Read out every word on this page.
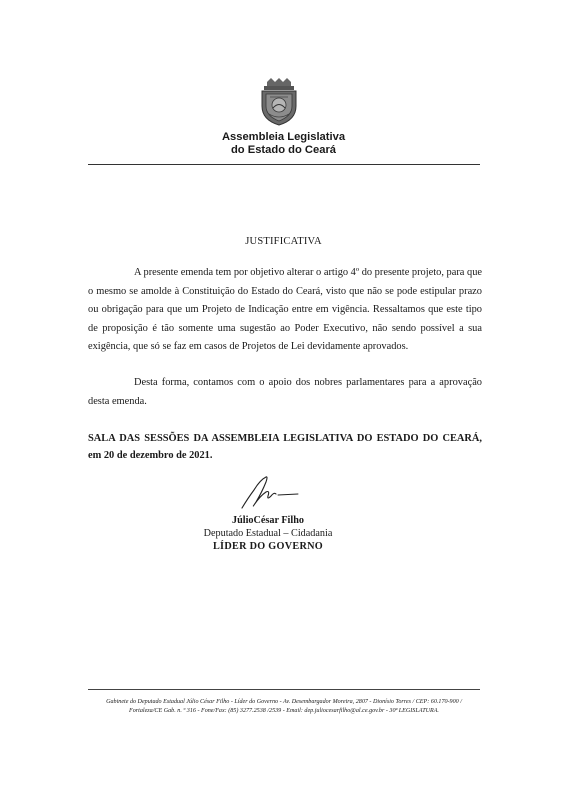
Assembleia Legislativa
do Estado do Ceará
JUSTIFICATIVA

A presente emenda tem por objetivo alterar o artigo 4º do presente projeto, para que o mesmo se amolde à Constituição do Estado do Ceará, visto que não se pode estipular prazo ou obrigação para que um Projeto de Indicação entre em vigência. Ressaltamos que este tipo de proposição é tão somente uma sugestão ao Poder Executivo, não sendo possível a sua exigência, que só se faz em casos de Projetos de Lei devidamente aprovados.

Desta forma, contamos com o apoio dos nobres parlamentares para a aprovação desta emenda.

SALA DAS SESSÕES DA ASSEMBLEIA LEGISLATIVA DO ESTADO DO CEARÁ, em 20 de dezembro de 2021.

JúlioCésar Filho
Deputado Estadual – Cidadania
LÍDER DO GOVERNO
Gabinete do Deputado Estadual Júlio César Filho - Líder do Governo - Av. Desembargador Moreira, 2807 - Dionísio Torres / CEP: 60.170-900 /
Fortaleza/CE Gab. n. º 316 - Fone/Fax: (85) 3277.2538 /2539 - Email: dep.juliocesarfilho@al.ce.gov.br - 30ª LEGISLATURA.
